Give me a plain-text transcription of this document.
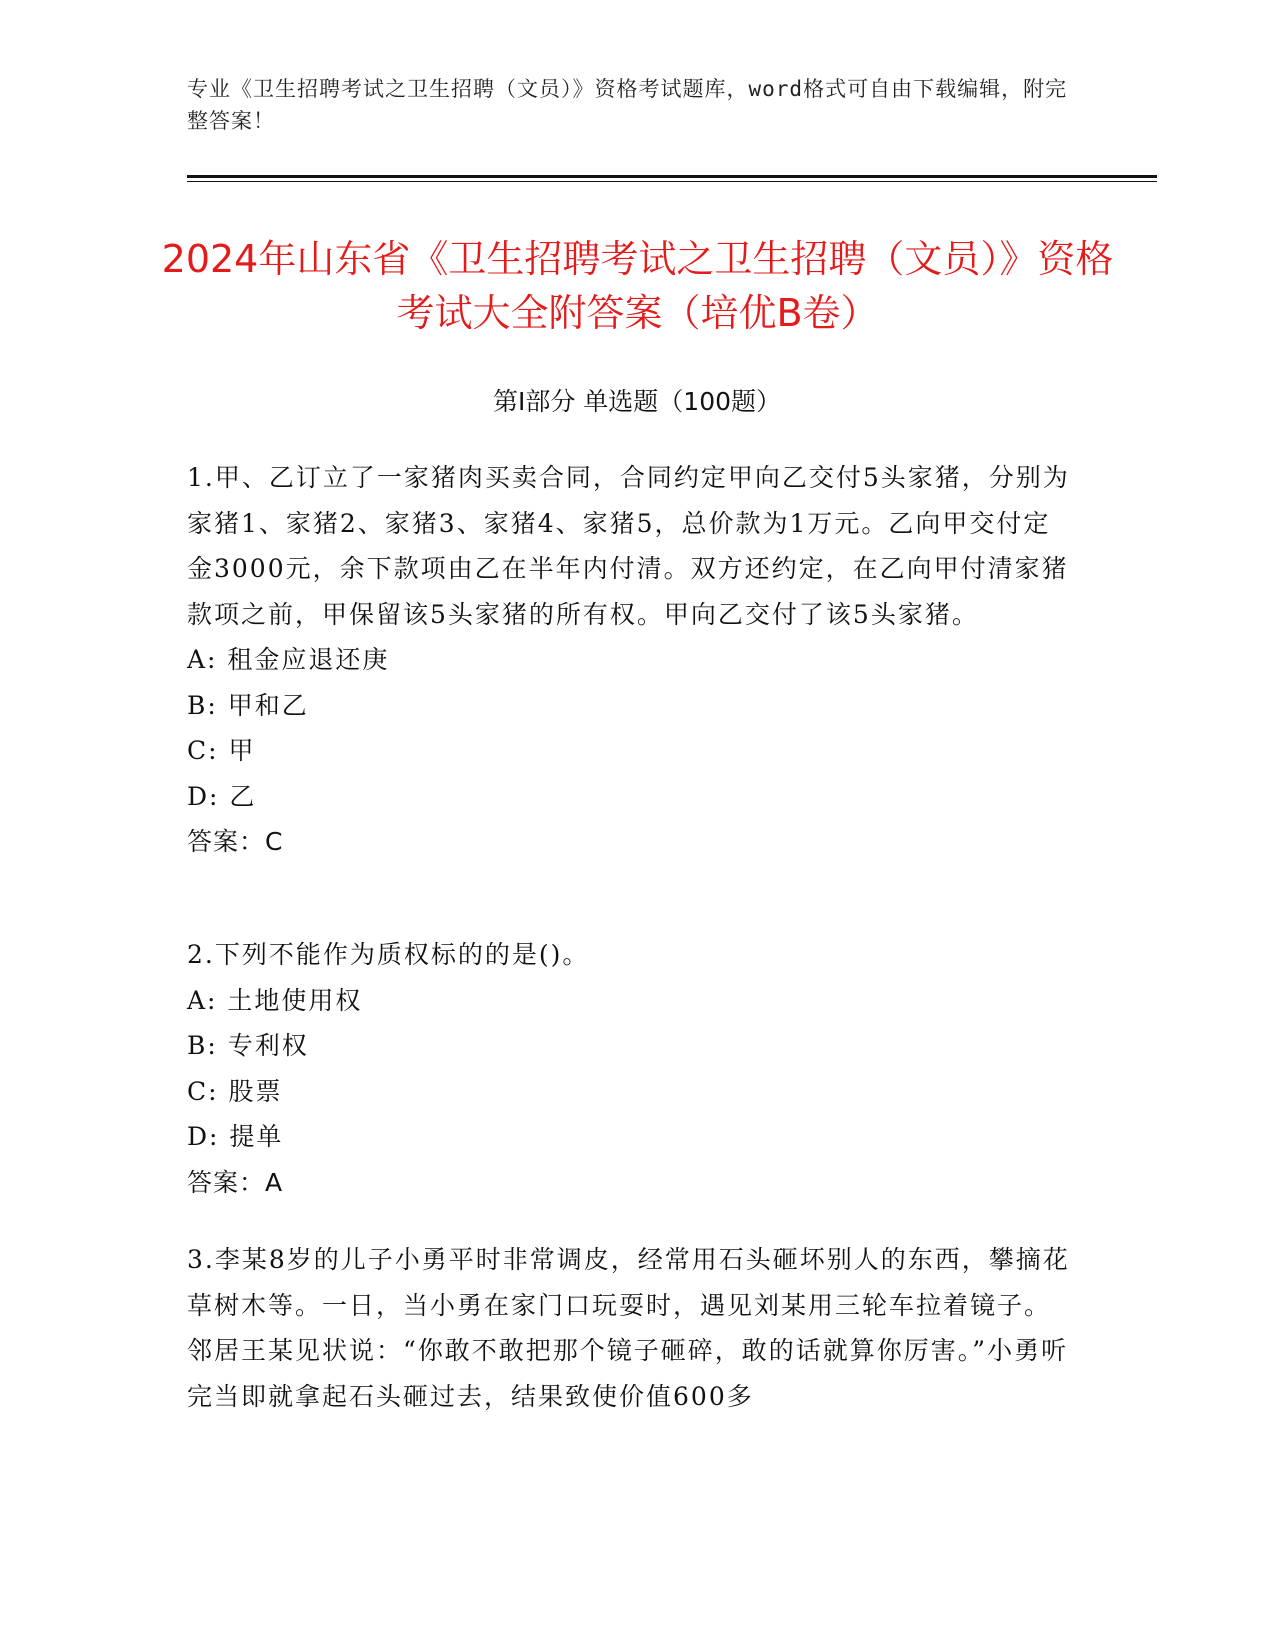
专业《卫生招聘考试之卫生招聘（文员）》资格考试题库，word格式可自由下载编辑，附完整答案！
2024年山东省《卫生招聘考试之卫生招聘（文员）》资格考试大全附答案（培优B卷）
第Ⅰ部分 单选题（100题）
1.甲、乙订立了一家猪肉买卖合同，合同约定甲向乙交付5头家猪，分别为家猪1、家猪2、家猪3、家猪4、家猪5，总价款为1万元。乙向甲交付定金3000元，余下款项由乙在半年内付清。双方还约定，在乙向甲付清家猪款项之前，甲保留该5头家猪的所有权。甲向乙交付了该5头家猪。
A: 租金应退还庚
B: 甲和乙
C: 甲
D: 乙
答案：C
2.下列不能作为质权标的的是()。
A: 土地使用权
B: 专利权
C: 股票
D: 提单
答案：A
3.李某8岁的儿子小勇平时非常调皮，经常用石头砸坏别人的东西，攀摘花草树木等。一日，当小勇在家门口玩耍时，遇见刘某用三轮车拉着镜子。邻居王某见状说：“你敢不敢把那个镜子砸碎，敢的话就算你厉害。”小勇听完当即就拿起石头砸过去，结果致使价值600多
